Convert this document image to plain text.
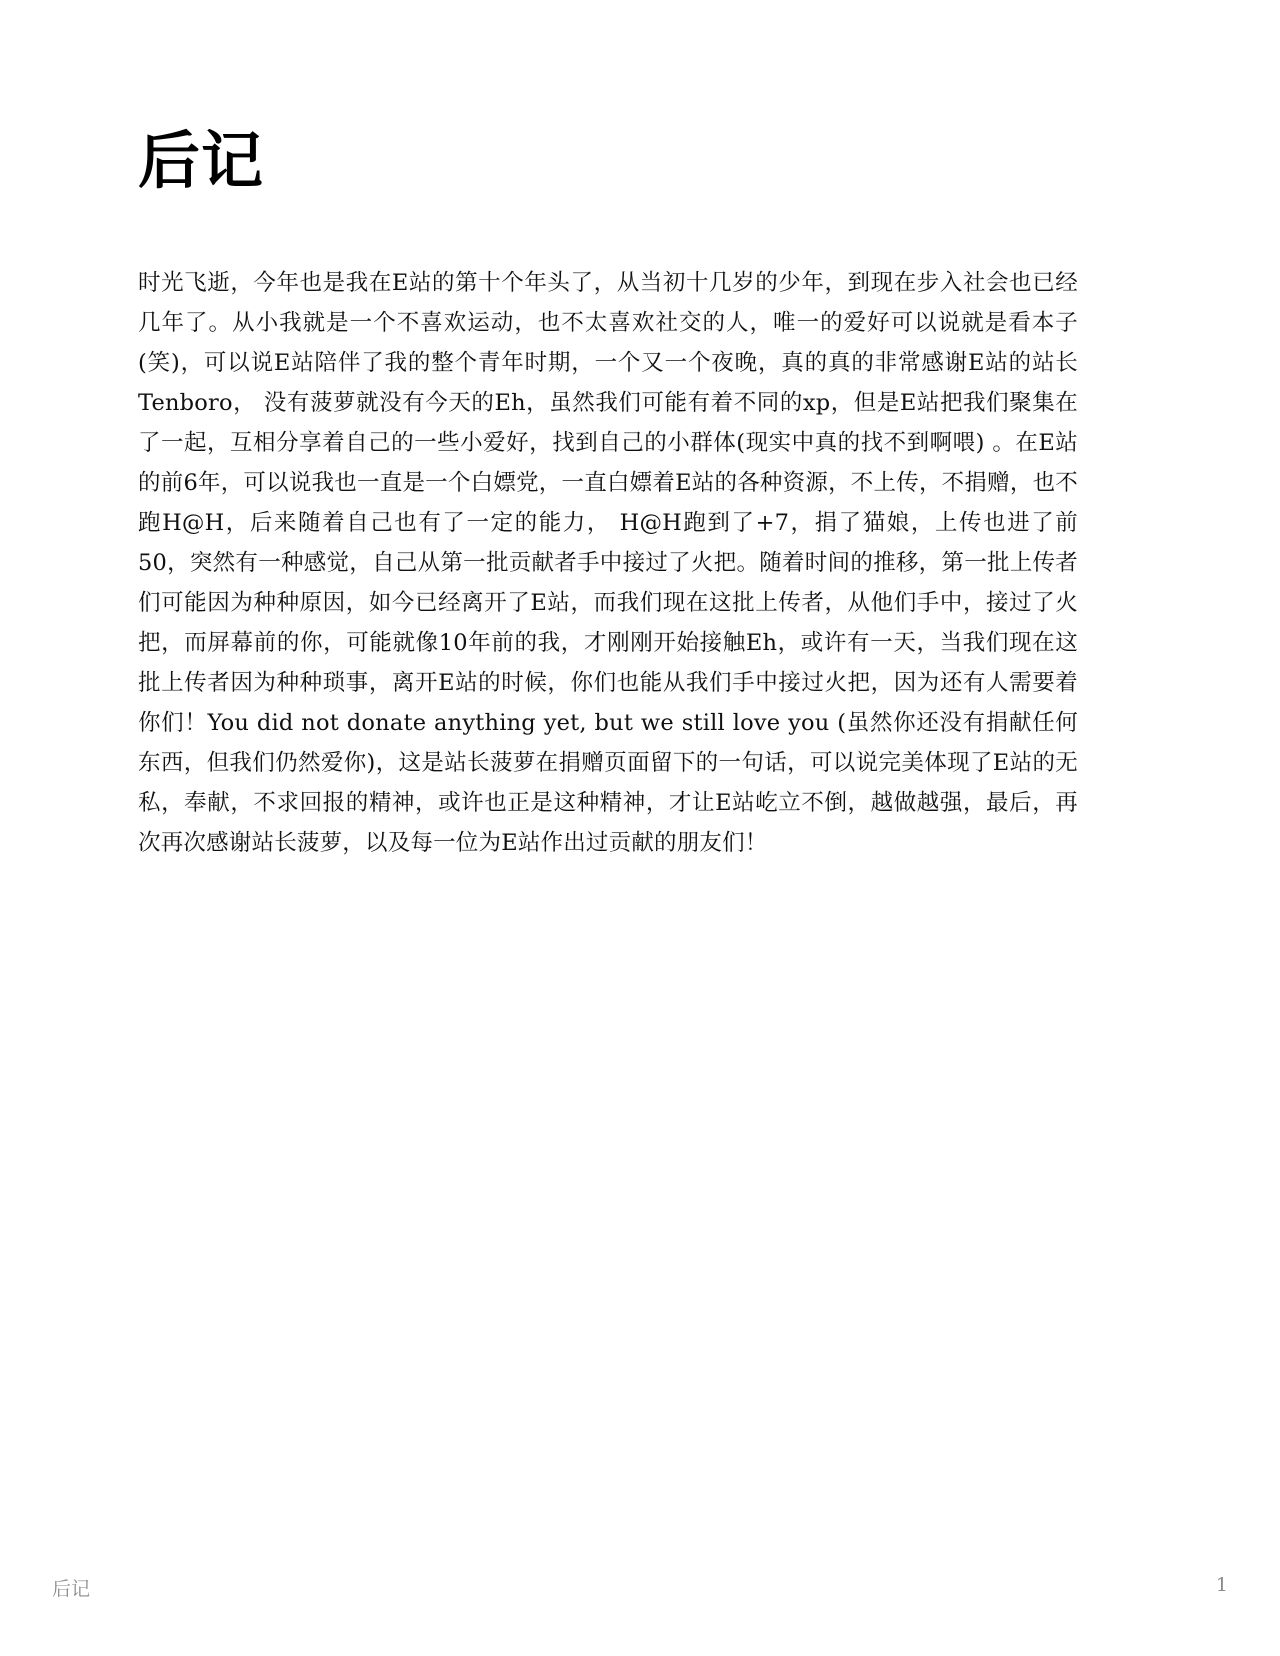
后记

时光飞逝，今年也是我在E站的第十个年头了，从当初十几岁的少年，到现在步入社会也已经几年了。从小我就是一个不喜欢运动，也不太喜欢社交的人，唯一的爱好可以说就是看本子(笑)，可以说E站陪伴了我的整个青年时期，一个又一个夜晚，真的真的非常感谢E站的站长Tenboro， 没有菠萝就没有今天的Eh，虽然我们可能有着不同的xp，但是E站把我们聚集在了一起，互相分享着自己的一些小爱好，找到自己的小群体(现实中真的找不到啊喂) 。在E站的前6年，可以说我也一直是一个白嫖党，一直白嫖着E站的各种资源，不上传，不捐赠，也不跑H@H，后来随着自己也有了一定的能力， H@H跑到了+7，捐了猫娘，上传也进了前50，突然有一种感觉，自己从第一批贡献者手中接过了火把。随着时间的推移，第一批上传者们可能因为种种原因，如今已经离开了E站，而我们现在这批上传者，从他们手中，接过了火把，而屏幕前的你，可能就像10年前的我，才刚刚开始接触Eh，或许有一天，当我们现在这批上传者因为种种琐事，离开E站的时候，你们也能从我们手中接过火把，因为还有人需要着你们！You did not donate anything yet, but we still love you (虽然你还没有捐献任何东西，但我们仍然爱你)，这是站长菠萝在捐赠页面留下的一句话，可以说完美体现了E站的无私，奉献，不求回报的精神，或许也正是这种精神，才让E站屹立不倒，越做越强，最后，再次再次感谢站长菠萝，以及每一位为E站作出过贡献的朋友们！

后记	1
